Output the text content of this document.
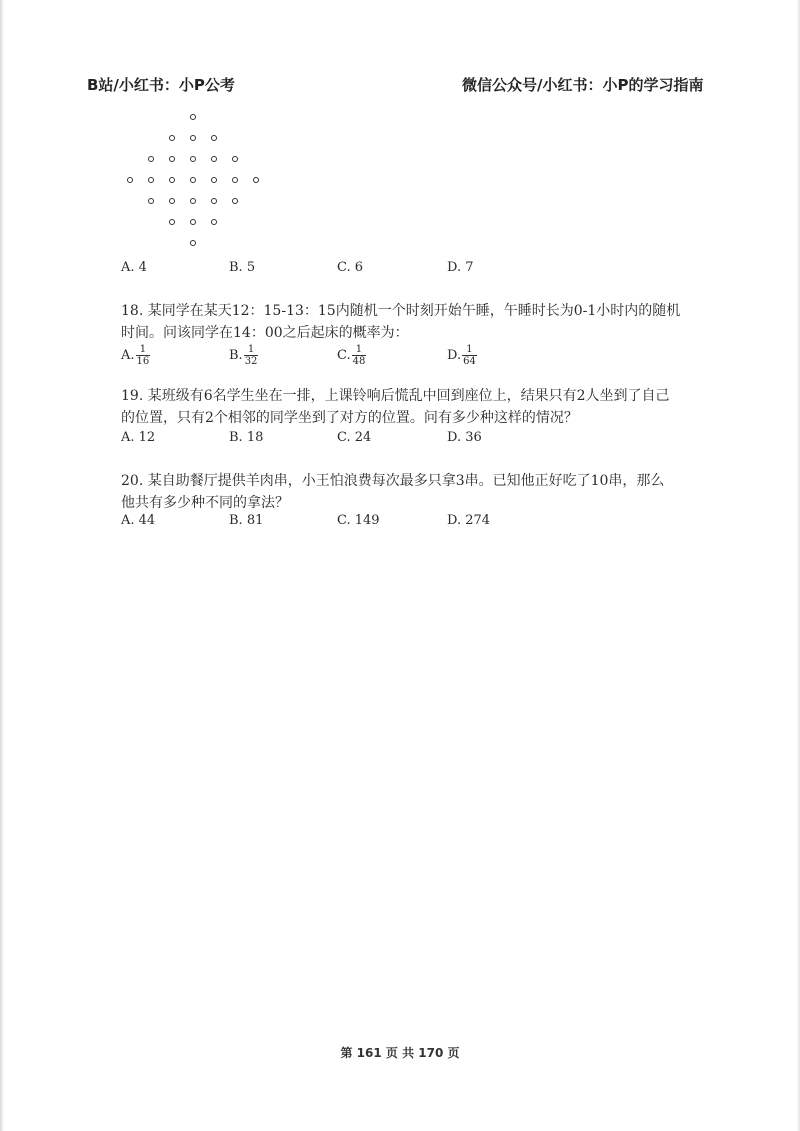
B站/小红书：小P公考	微信公众号/小红书：小P的学习指南
A. 4	B. 5	C. 6	D. 7
18. 某同学在某天12：15-13：15内随机一个时刻开始午睡，午睡时长为0-1小时内的随机
时间。问该同学在14：00之后起床的概率为：
A. $\frac{1}{16}$	B. $\frac{1}{32}$	C. $\frac{1}{48}$	D. $\frac{1}{64}$
19. 某班级有6名学生坐在一排，上课铃响后慌乱中回到座位上，结果只有2人坐到了自己
的位置，只有2个相邻的同学坐到了对方的位置。问有多少种这样的情况？
A. 12	B. 18	C. 24	D. 36
20. 某自助餐厅提供羊肉串，小王怕浪费每次最多只拿3串。已知他正好吃了10串，那么
他共有多少种不同的拿法？
A. 44	B. 81	C. 149	D. 274
第 161 页 共 170 页
